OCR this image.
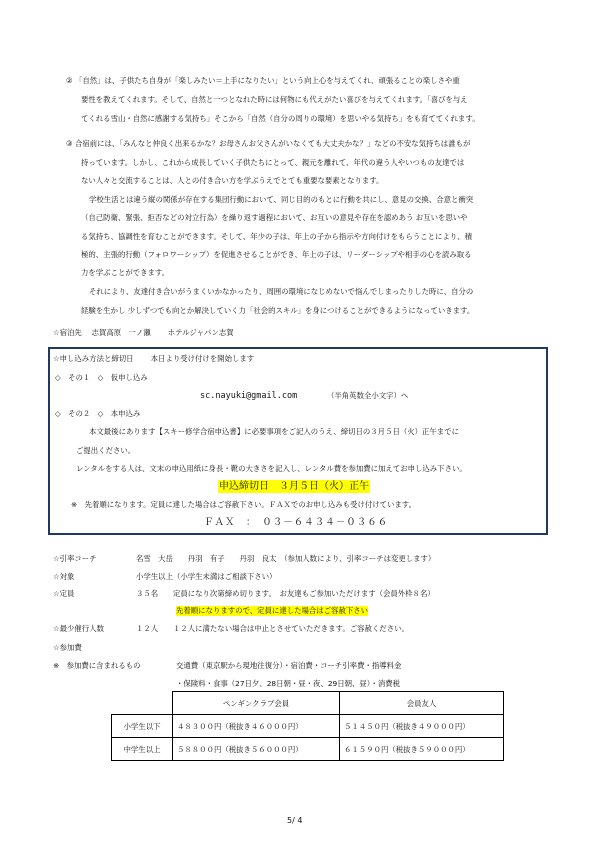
② 「自然」は、子供たち自身が「楽しみたい＝上手になりたい」という向上心を与えてくれ、頑張ることの楽しさや重
要性を教えてくれます。そして、自然と一つとなれた時には何物にも代えがたい喜びを与えてくれます。「喜びを与え
てくれる雪山・自然に感謝する気持ち」そこから「自然（自分の周りの環境）を思いやる気持ち」をも育ててくれます。
③ 合宿前には、「みんなと仲良く出来るかな？お母さんお父さんがいなくても大丈夫かな？」などの不安な気持ちは誰もが
持っています。しかし、これから成長していく子供たちにとって、親元を離れて、年代の違う人やいつもの友達では
ない人々と交流することは、人との付き合い方を学ぶうえでとても重要な要素となります。
学校生活とは違う縦の関係が存在する集団行動において、同じ目的のもとに行動を共にし、意見の交換、合意と衝突
（自己防衛、緊張、拒否などの対立行為）を繰り返す過程において、お互いの意見や存在を認めあう お互いを思いや
る気持ち、協調性を育むことができます。そして、年少の子は、年上の子から指示や方向付けをもらうことにより、積
極的、主張的行動（フォロワーシップ）を促進させることができ、年上の子は、リーダーシップや相手の心を読み取る
力を学ぶことができます。
それにより、友達付き合いがうまくいかなかったり、周囲の環境になじめないで悩んでしまったりした時に、自分の
経験を生かし 少しずつでも向とか解決していく力「社会的スキル」を身につけることができるようになっていきます。
☆宿泊先　 志賀高原　一ノ瀬　　 ホテルジャパン志賀
☆申し込み方法と締切日　　 本日より受け付けを開始します
◇　その１　◇　仮申し込み
sc.nayuki@gmail.com	（半角英数全小文字）へ
◇　その２　◇　本申込み
本文最後にあります【スキー修学合宿申込書】に必要事項をご記入のうえ、締切日の３月５日（火）正午までに
ご提出ください。
レンタルをする人は、文末の申込用紙に身長・靴の大きさを記入し、レンタル費を参加費に加えてお申し込み下さい。
申込締切日　３月５日（火）正午
※　先着順になります。定員に達した場合はご容赦下さい。ＦＡＸでのお申し込みも受け付けています。
ＦＡＸ　：　０３－６４３４－０３６６
☆引率コーチ	名雪　大岳　　丹羽　有子　　丹羽　良太　（参加人数により、引率コーチは変更します）
☆対象	小学生以上（小学生未満はご相談下さい）
☆定員	３５名　　定員になり次第締め切ります。　お友達もご参加いただけます（会員外枠８名）
先着順になりますので、定員に達した場合はご容赦下さい
☆最少催行人数	１２人　　１２人に満たない場合は中止とさせていただきます。ご容赦ください。
☆参加費
※　参加費に含まれるもの	交通費（東京駅から現地往復分）・宿泊費・コーチ引率費・指導料金
・保険料・食事（27日夕、28日朝・昼・夜、29日朝、昼）・消費税
	ペンギンクラブ会員	会員友人
小学生以下	４８３００円（税抜き４６０００円）	５１４５０円（税抜き４９０００円）
中学生以上	５８８００円（税抜き５６０００円）	６１５９０円（税抜き５９０００円）
5/ 4
